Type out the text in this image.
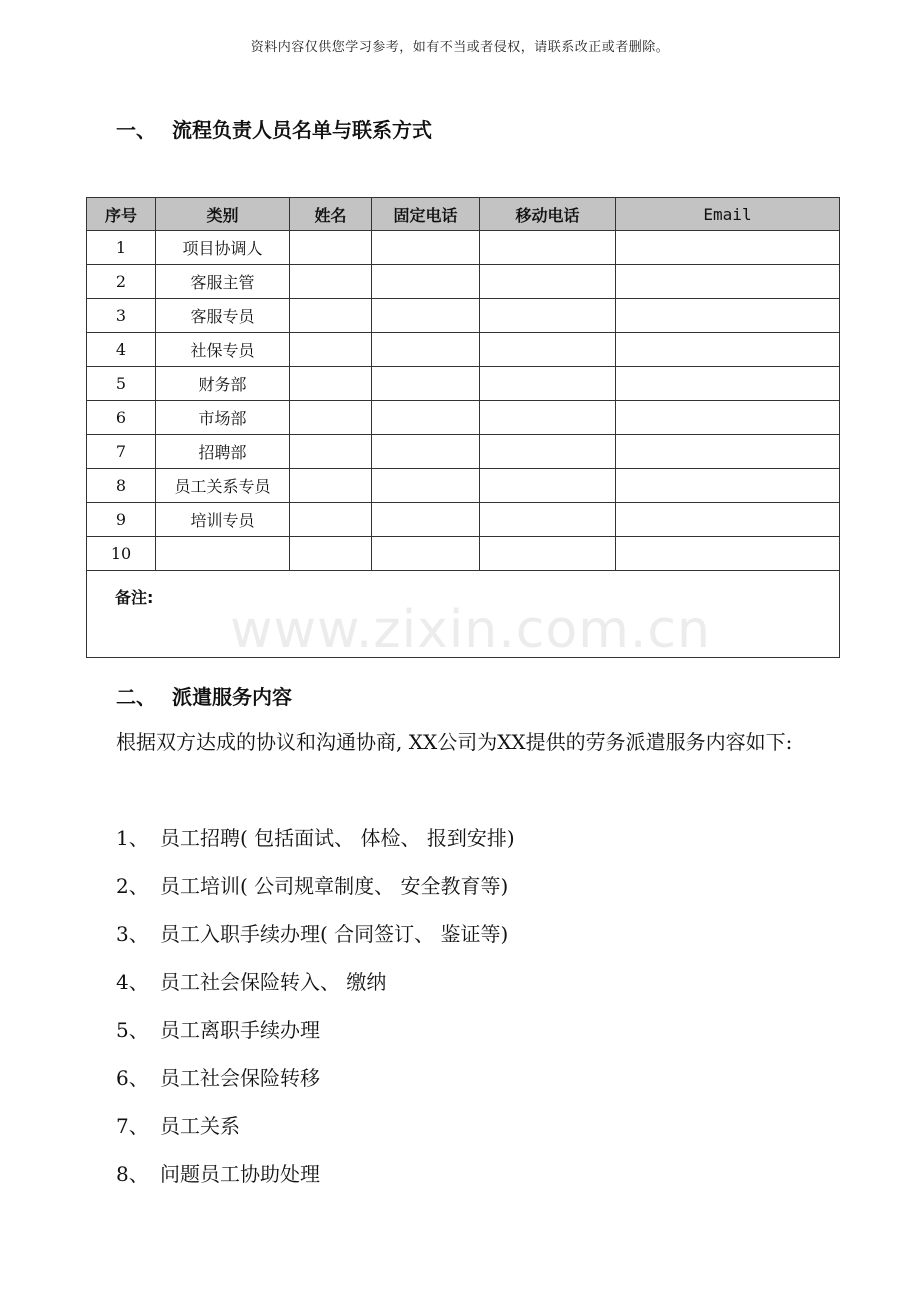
资料内容仅供您学习参考，如有不当或者侵权，请联系改正或者删除。
一、 流程负责人员名单与联系方式
序号	类别	姓名	固定电话	移动电话	Email
1	项目协调人				
2	客服主管				
3	客服专员				
4	社保专员				
5	财务部				
6	市场部				
7	招聘部				
8	员工关系专员				
9	培训专员				
10					
备注:					
www.zixin.com.cn
二、 派遣服务内容
根据双方达成的协议和沟通协商, XX公司为XX提供的劳务派遣服务内容如下:
1、 员工招聘( 包括面试、 体检、 报到安排)
2、 员工培训( 公司规章制度、 安全教育等)
3、 员工入职手续办理( 合同签订、 鉴证等)
4、 员工社会保险转入、 缴纳
5、 员工离职手续办理
6、 员工社会保险转移
7、 员工关系
8、 问题员工协助处理
